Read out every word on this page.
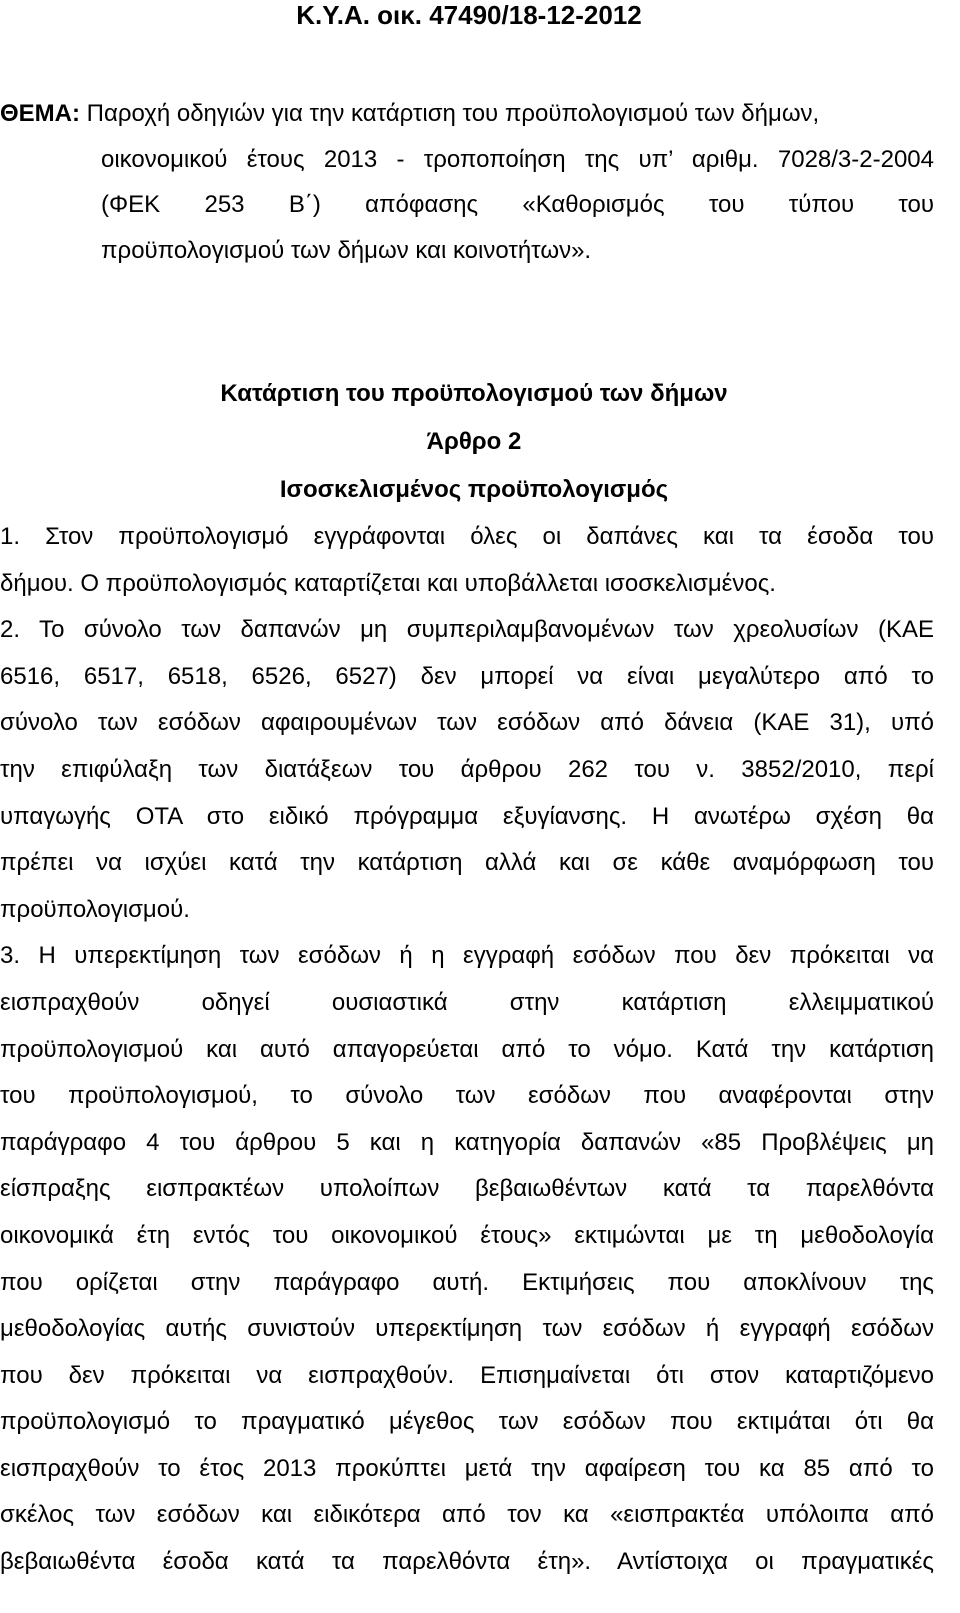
Κ.Υ.Α. οικ. 47490/18-12-2012
ΘΕΜΑ: Παροχή οδηγιών για την κατάρτιση του προϋπολογισμού των δήμων,
οικονομικού έτους 2013 - τροποποίηση της υπ’ αριθμ. 7028/3-2-2004
(ΦΕΚ 253 Β΄) απόφασης «Καθορισμός του τύπου του
προϋπολογισμού των δήμων και κοινοτήτων».
Κατάρτιση του προϋπολογισμού των δήμων
Άρθρο 2
Ισοσκελισμένος προϋπολογισμός
1. Στον προϋπολογισμό εγγράφονται όλες οι δαπάνες και τα έσοδα του
δήμου. Ο προϋπολογισμός καταρτίζεται και υποβάλλεται ισοσκελισμένος.
2. Το σύνολο των δαπανών μη συμπεριλαμβανομένων των χρεολυσίων (ΚΑΕ
6516, 6517, 6518, 6526, 6527) δεν μπορεί να είναι μεγαλύτερο από το
σύνολο των εσόδων αφαιρουμένων των εσόδων από δάνεια (ΚΑΕ 31), υπό
την επιφύλαξη των διατάξεων του άρθρου 262 του ν. 3852/2010, περί
υπαγωγής ΟΤΑ στο ειδικό πρόγραμμα εξυγίανσης. Η ανωτέρω σχέση θα
πρέπει να ισχύει κατά την κατάρτιση αλλά και σε κάθε αναμόρφωση του
προϋπολογισμού.
3. Η υπερεκτίμηση των εσόδων ή η εγγραφή εσόδων που δεν πρόκειται να
εισπραχθούν οδηγεί ουσιαστικά στην κατάρτιση ελλειμματικού
προϋπολογισμού και αυτό απαγορεύεται από το νόμο. Κατά την κατάρτιση
του προϋπολογισμού, το σύνολο των εσόδων που αναφέρονται στην
παράγραφο 4 του άρθρου 5 και η κατηγορία δαπανών «85 Προβλέψεις μη
είσπραξης εισπρακτέων υπολοίπων βεβαιωθέντων κατά τα παρελθόντα
οικονομικά έτη εντός του οικονομικού έτους» εκτιμώνται με τη μεθοδολογία
που ορίζεται στην παράγραφο αυτή. Εκτιμήσεις που αποκλίνουν της
μεθοδολογίας αυτής συνιστούν υπερεκτίμηση των εσόδων ή εγγραφή εσόδων
που δεν πρόκειται να εισπραχθούν. Επισημαίνεται ότι στον καταρτιζόμενο
προϋπολογισμό το πραγματικό μέγεθος των εσόδων που εκτιμάται ότι θα
εισπραχθούν το έτος 2013 προκύπτει μετά την αφαίρεση του κα 85 από το
σκέλος των εσόδων και ειδικότερα από τον κα «εισπρακτέα υπόλοιπα από
βεβαιωθέντα έσοδα κατά τα παρελθόντα έτη». Αντίστοιχα οι πραγματικές
